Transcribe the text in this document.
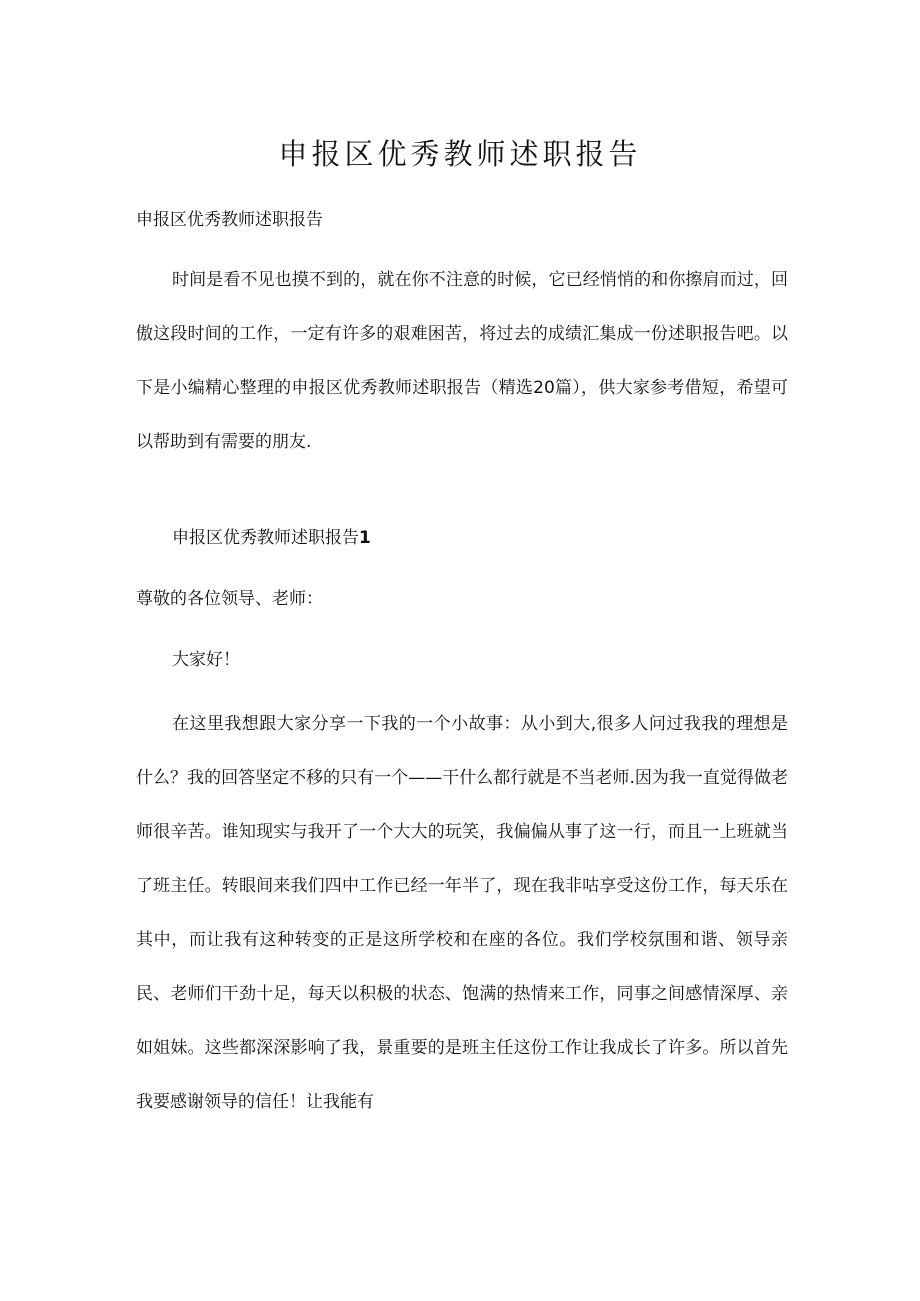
申报区优秀教师述职报告

申报区优秀教师述职报告

时间是看不见也摸不到的，就在你不注意的时候，它已经悄悄的和你擦肩而过，回傲这段时间的工作，一定有许多的艰难困苦，将过去的成绩汇集成一份述职报告吧。以下是小编精心整理的申报区优秀教师述职报告（精选20篇），供大家参考借短，希望可以帮助到有需要的朋友.

申报区优秀教师述职报告1

尊敬的各位领导、老师：

大家好！

在这里我想跟大家分享一下我的一个小故事：从小到大,很多人问过我我的理想是什么？我的回答坚定不移的只有一个——干什么都行就是不当老师.因为我一直觉得做老师很辛苦。谁知现实与我开了一个大大的玩笑，我偏偏从事了这一行，而且一上班就当了班主任。转眼间来我们四中工作已经一年半了，现在我非咕享受这份工作，每天乐在其中，而让我有这种转变的正是这所学校和在座的各位。我们学校氛围和谐、领导亲民、老师们干劲十足，每天以积极的状态、饱满的热情来工作，同事之间感情深厚、亲如姐妹。这些都深深影响了我，景重要的是班主任这份工作让我成长了许多。所以首先我要感谢领导的信任！让我能有
